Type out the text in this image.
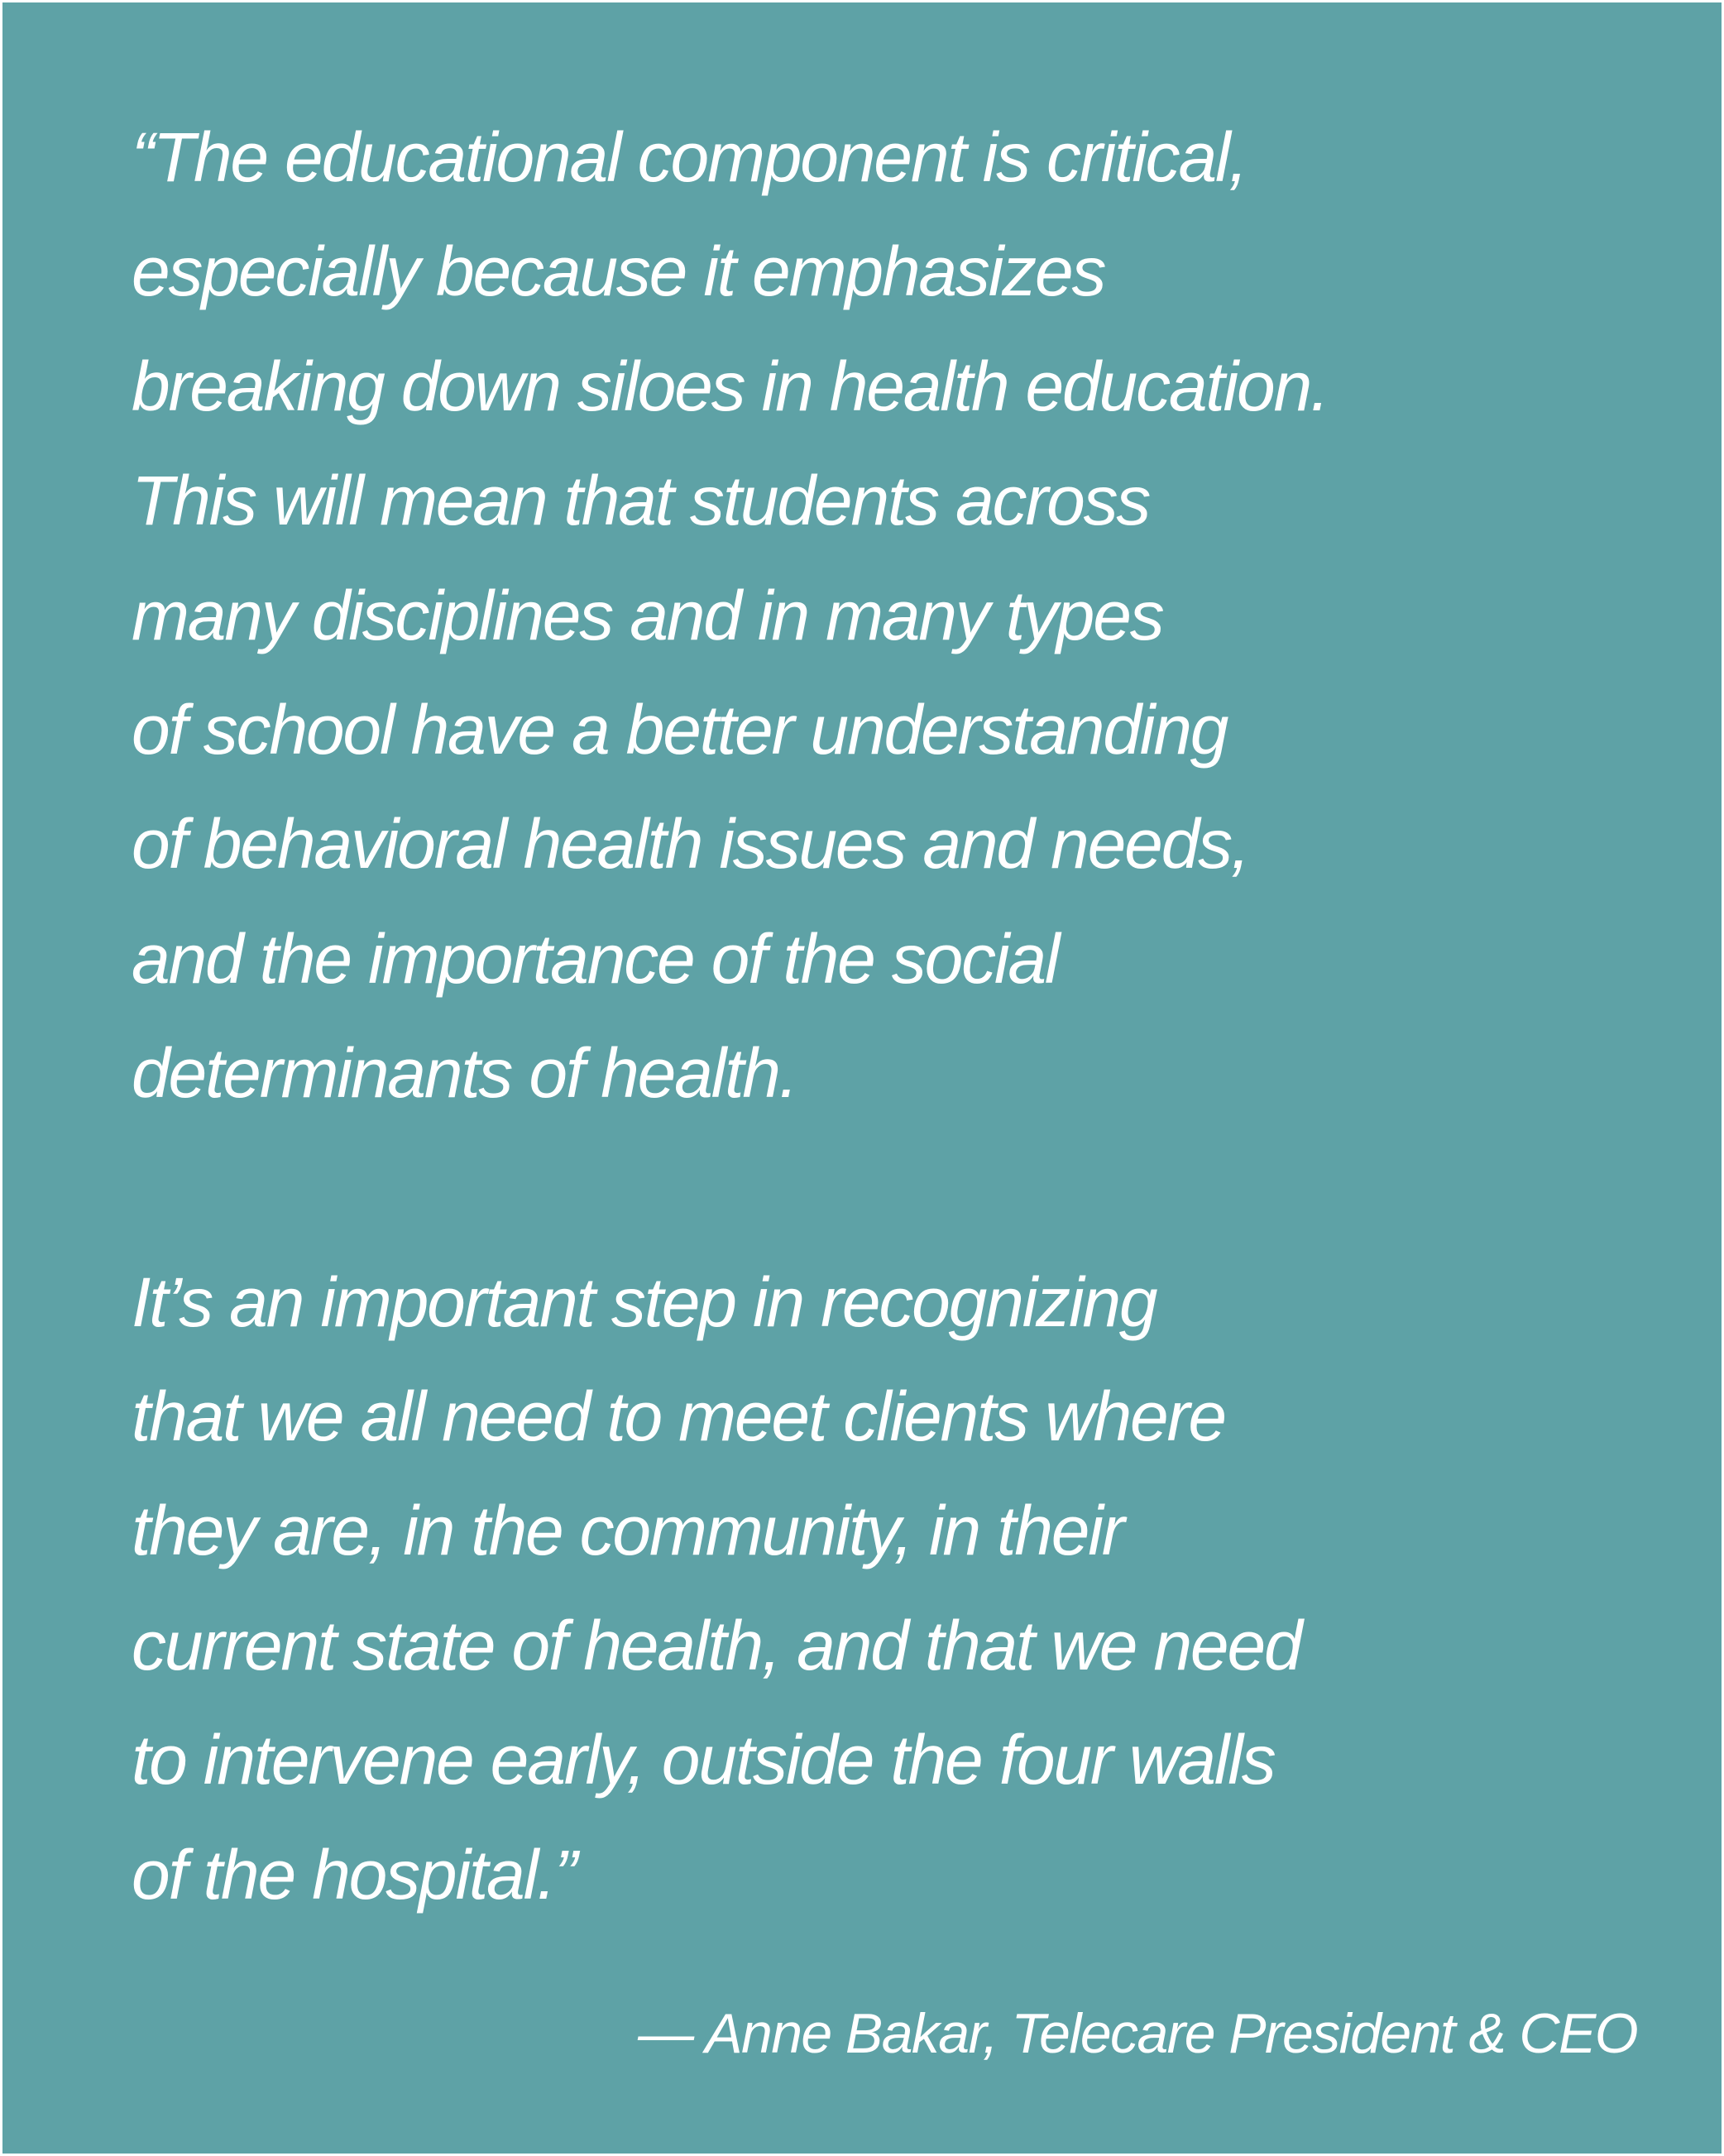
“The educational component is critical,
especially because it emphasizes
breaking down siloes in health education.
This will mean that students across
many disciplines and in many types
of school have a better understanding
of behavioral health issues and needs,
and the importance of the social
determinants of health.

It’s an important step in recognizing
that we all need to meet clients where
they are, in the community, in their
current state of health, and that we need
to intervene early, outside the four walls
of the hospital.”

— Anne Bakar, Telecare President & CEO
